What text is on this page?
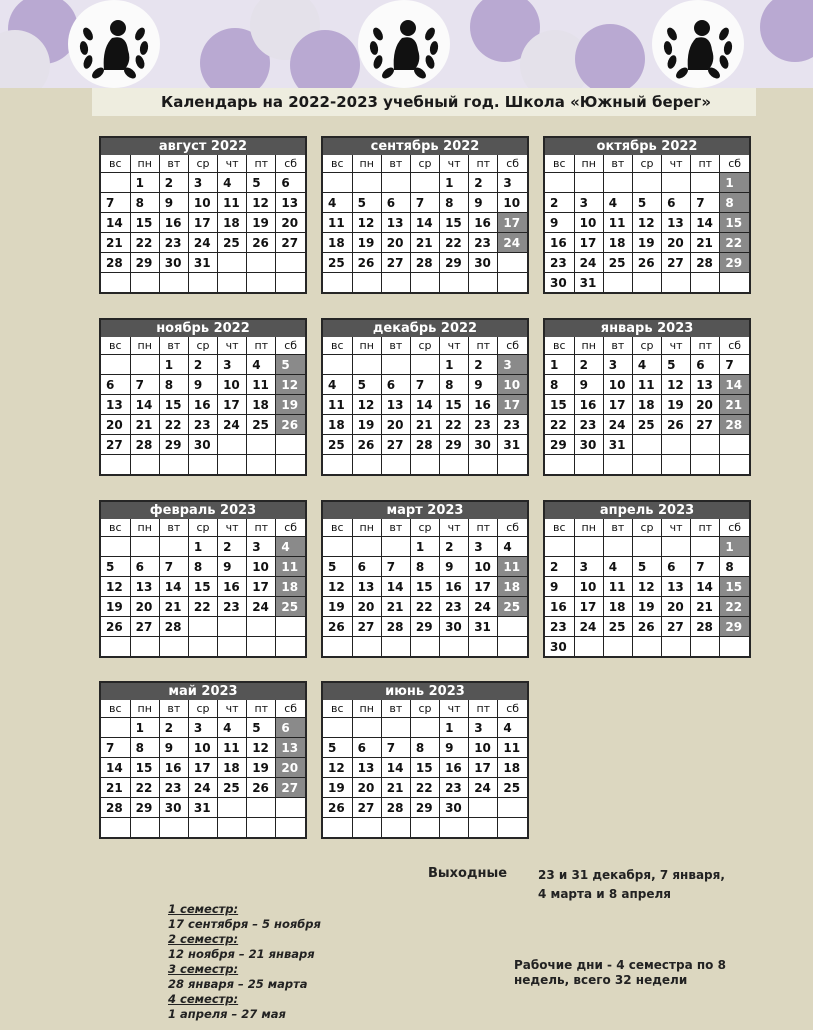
Календарь на 2022-2023 учебный год. Школа «Южный берег»
август 2022
вс	пн	вт	ср	чт	пт	сб
	1	2	3	4	5	6
7	8	9	10	11	12	13
14	15	16	17	18	19	20
21	22	23	24	25	26	27
28	29	30	31			

сентябрь 2022
вс	пн	вт	ср	чт	пт	сб
				1	2	3
4	5	6	7	8	9	10
11	12	13	14	15	16	17
18	19	20	21	22	23	24
25	26	27	28	29	30	

октябрь 2022
вс	пн	вт	ср	чт	пт	сб
						1
2	3	4	5	6	7	8
9	10	11	12	13	14	15
16	17	18	19	20	21	22
23	24	25	26	27	28	29
30	31					
ноябрь 2022
вс	пн	вт	ср	чт	пт	сб
		1	2	3	4	5
6	7	8	9	10	11	12
13	14	15	16	17	18	19
20	21	22	23	24	25	26
27	28	29	30			

декабрь 2022
вс	пн	вт	ср	чт	пт	сб
				1	2	3
4	5	6	7	8	9	10
11	12	13	14	15	16	17
18	19	20	21	22	23	23
25	26	27	28	29	30	31

январь 2023
вс	пн	вт	ср	чт	пт	сб
1	2	3	4	5	6	7
8	9	10	11	12	13	14
15	16	17	18	19	20	21
22	23	24	25	26	27	28
29	30	31				

февраль 2023
вс	пн	вт	ср	чт	пт	сб
			1	2	3	4
5	6	7	8	9	10	11
12	13	14	15	16	17	18
19	20	21	22	23	24	25
26	27	28				

март 2023
вс	пн	вт	ср	чт	пт	сб
			1	2	3	4
5	6	7	8	9	10	11
12	13	14	15	16	17	18
19	20	21	22	23	24	25
26	27	28	29	30	31	

апрель 2023
вс	пн	вт	ср	чт	пт	сб
						1
2	3	4	5	6	7	8
9	10	11	12	13	14	15
16	17	18	19	20	21	22
23	24	25	26	27	28	29
30						
май 2023
вс	пн	вт	ср	чт	пт	сб
	1	2	3	4	5	6
7	8	9	10	11	12	13
14	15	16	17	18	19	20
21	22	23	24	25	26	27
28	29	30	31			

июнь 2023
вс	пн	вт	ср	чт	пт	сб
				1	3	4
5	6	7	8	9	10	11
12	13	14	15	16	17	18
19	20	21	22	23	24	25
26	27	28	29	30		

Выходные	23 и 31 декабря, 7 января,
4 марта и 8 апреля
1 семестр:
17 сентября – 5 ноября
2 семестр:
12 ноября – 21 января
3 семестр:
28 января – 25 марта
4 семестр:
1 апреля – 27 мая
Рабочие дни - 4 семестра по 8 недель, всего 32 недели
